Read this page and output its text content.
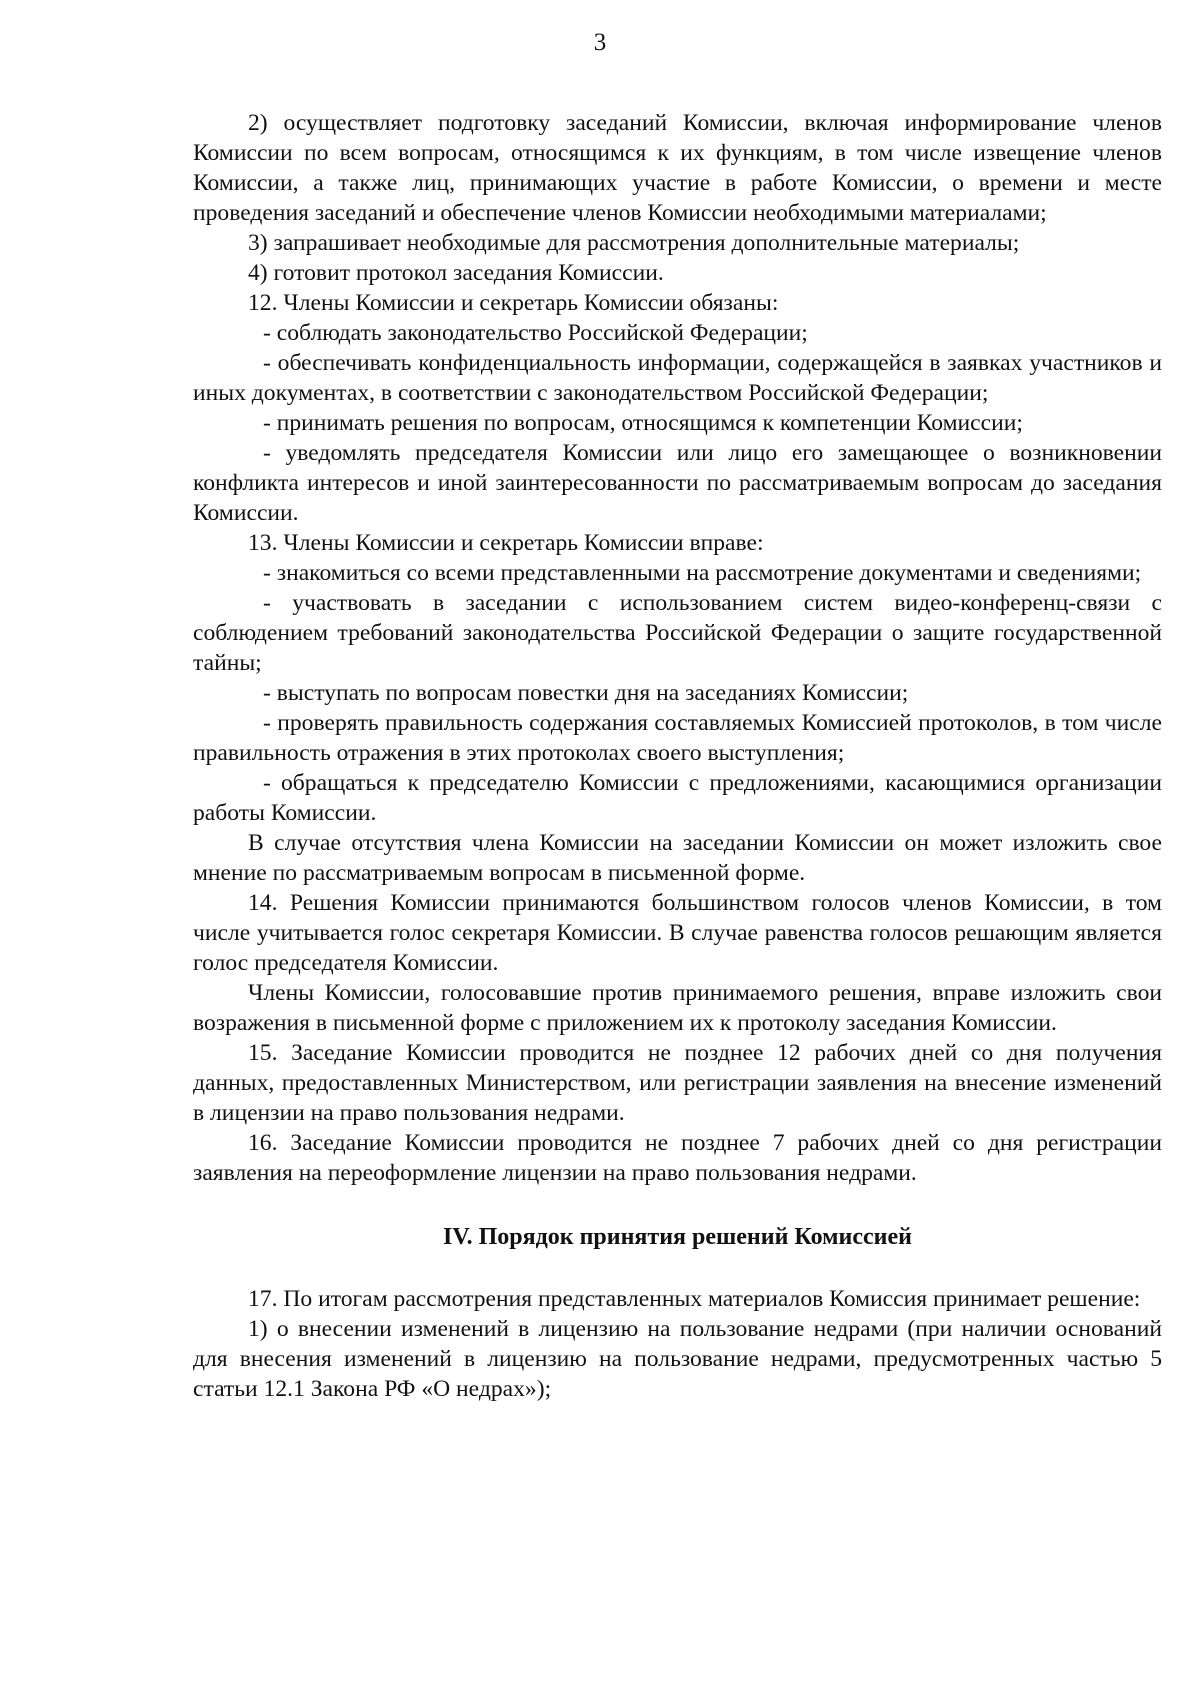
3

2) осуществляет подготовку заседаний Комиссии, включая информирование членов Комиссии по всем вопросам, относящимся к их функциям, в том числе извещение членов Комиссии, а также лиц, принимающих участие в работе Комиссии, о времени и месте проведения заседаний и обеспечение членов Комиссии необходимыми материалами;

3) запрашивает необходимые для рассмотрения дополнительные материалы;

4) готовит протокол заседания Комиссии.

12. Члены Комиссии и секретарь Комиссии обязаны:

- соблюдать законодательство Российской Федерации;

- обеспечивать конфиденциальность информации, содержащейся в заявках участников и иных документах, в соответствии с законодательством Российской Федерации;

- принимать решения по вопросам, относящимся к компетенции Комиссии;

- уведомлять председателя Комиссии или лицо его замещающее о возникновении конфликта интересов и иной заинтересованности по рассматриваемым вопросам до заседания Комиссии.

13. Члены Комиссии и секретарь Комиссии вправе:

- знакомиться со всеми представленными на рассмотрение документами и сведениями;

- участвовать в заседании с использованием систем видео-конференц-связи с соблюдением требований законодательства Российской Федерации о защите государственной тайны;

- выступать по вопросам повестки дня на заседаниях Комиссии;

- проверять правильность содержания составляемых Комиссией протоколов, в том числе правильность отражения в этих протоколах своего выступления;

- обращаться к председателю Комиссии с предложениями, касающимися организации работы Комиссии.

В случае отсутствия члена Комиссии на заседании Комиссии он может изложить свое мнение по рассматриваемым вопросам в письменной форме.

14. Решения Комиссии принимаются большинством голосов членов Комиссии, в том числе учитывается голос секретаря Комиссии. В случае равенства голосов решающим является голос председателя Комиссии.

Члены Комиссии, голосовавшие против принимаемого решения, вправе изложить свои возражения в письменной форме с приложением их к протоколу заседания Комиссии.

15. Заседание Комиссии проводится не позднее 12 рабочих дней со дня получения данных, предоставленных Министерством, или регистрации заявления на внесение изменений в лицензии на право пользования недрами.

16. Заседание Комиссии проводится не позднее 7 рабочих дней со дня регистрации заявления на переоформление лицензии на право пользования недрами.

IV. Порядок принятия решений Комиссией

17. По итогам рассмотрения представленных материалов Комиссия принимает решение:

1) о внесении изменений в лицензию на пользование недрами (при наличии оснований для внесения изменений в лицензию на пользование недрами, предусмотренных частью 5 статьи 12.1 Закона РФ «О недрах»);
